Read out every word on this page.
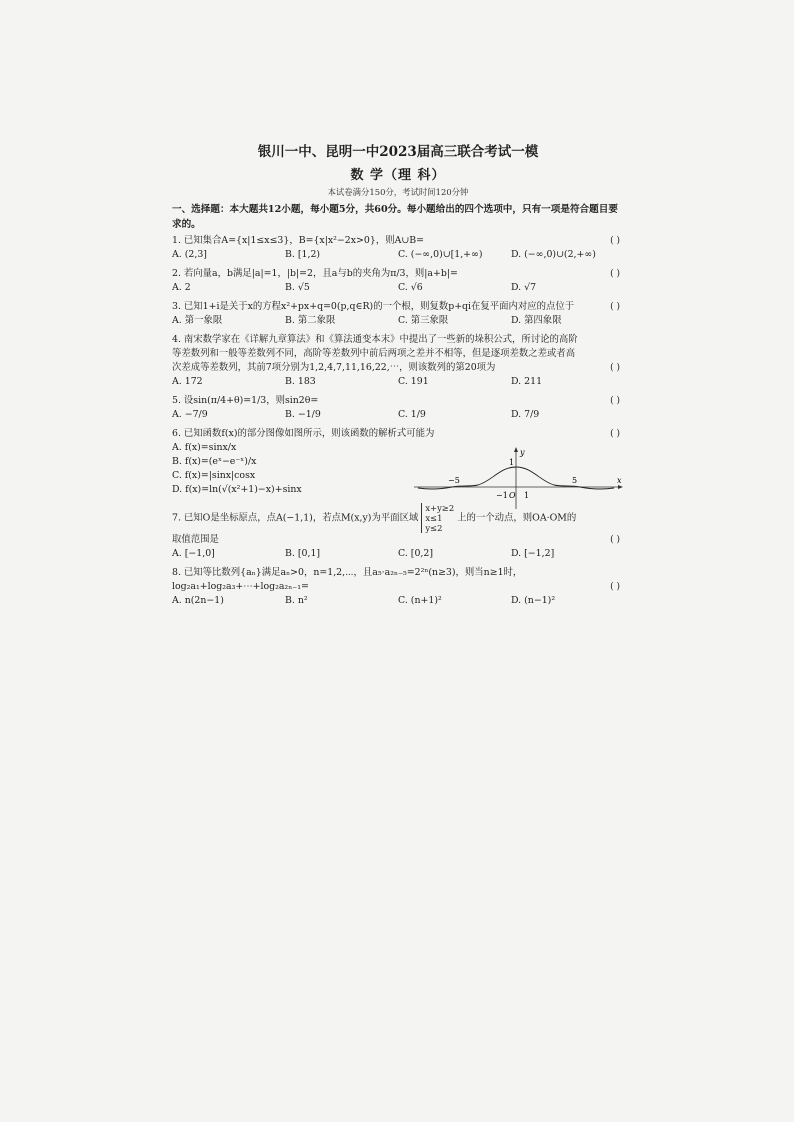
银川一中、昆明一中2023届高三联合考试一模
数 学（理 科）
本试卷满分150分，考试时间120分钟
一、选择题：本大题共12小题，每小题5分，共60分。每小题给出的四个选项中，只有一项是符合题目要求的。
1. 已知集合A={x|1≤x≤3}，B={x|x²−2x>0}，则A∪B=	( )
A. (2,3]	B. [1,2)	C. (−∞,0)∪[1,+∞)	D. (−∞,0)∪(2,+∞)
2. 若向量a，b满足|a|=1，|b|=2，且a与b的夹角为π/3，则|a+b|=	( )
A. 2	B. √5	C. √6	D. √7
3. 已知1+i是关于x的方程x²+px+q=0(p,q∈R)的一个根，则复数p+qi在复平面内对应的点位于	( )
A. 第一象限	B. 第二象限	C. 第三象限	D. 第四象限
4. 南宋数学家在《详解九章算法》和《算法通变本末》中提出了一些新的垛积公式，所讨论的高阶等差数列和一般等差数列不同，高阶等差数列中前后两项之差并不相等，但是逐项差数之差或者高次差成等差数列，其前7项分别为1,2,4,7,11,16,22,⋯，则该数列的第20项为	( )
A. 172	B. 183	C. 191	D. 211
5. 设sin(π/4+θ)=1/3，则sin2θ=	( )
A. −7/9	B. −1/9	C. 1/9	D. 7/9
6. 已知函数f(x)的部分图像如图所示，则该函数的解析式可能为	( )
A. f(x)=sinx/x
B. f(x)=(eˣ−e⁻ˣ)/x
C. f(x)=|sinx|cosx
D. f(x)=ln(√(x²+1)−x)+sinx
x
y
−5	5
−1 O 1
1
7. 已知O是坐标原点，点A(−1,1)，若点M(x,y)为平面区域x+y≥2
x≤1
y≤2上的一个动点，则OA·OM的取值范围是	( )
A. [−1,0]	B. [0,1]	C. [0,2]	D. [−1,2]
8. 已知等比数列{aₙ}满足aₙ>0，n=1,2,⋯，且a₅·a₂ₙ₋₅=2²ⁿ(n≥3)，则当n≥1时，log₂a₁+log₂a₃+⋯+log₂a₂ₙ₋₁=	( )
A. n(2n−1)	B. n²	C. (n+1)²	D. (n−1)²
